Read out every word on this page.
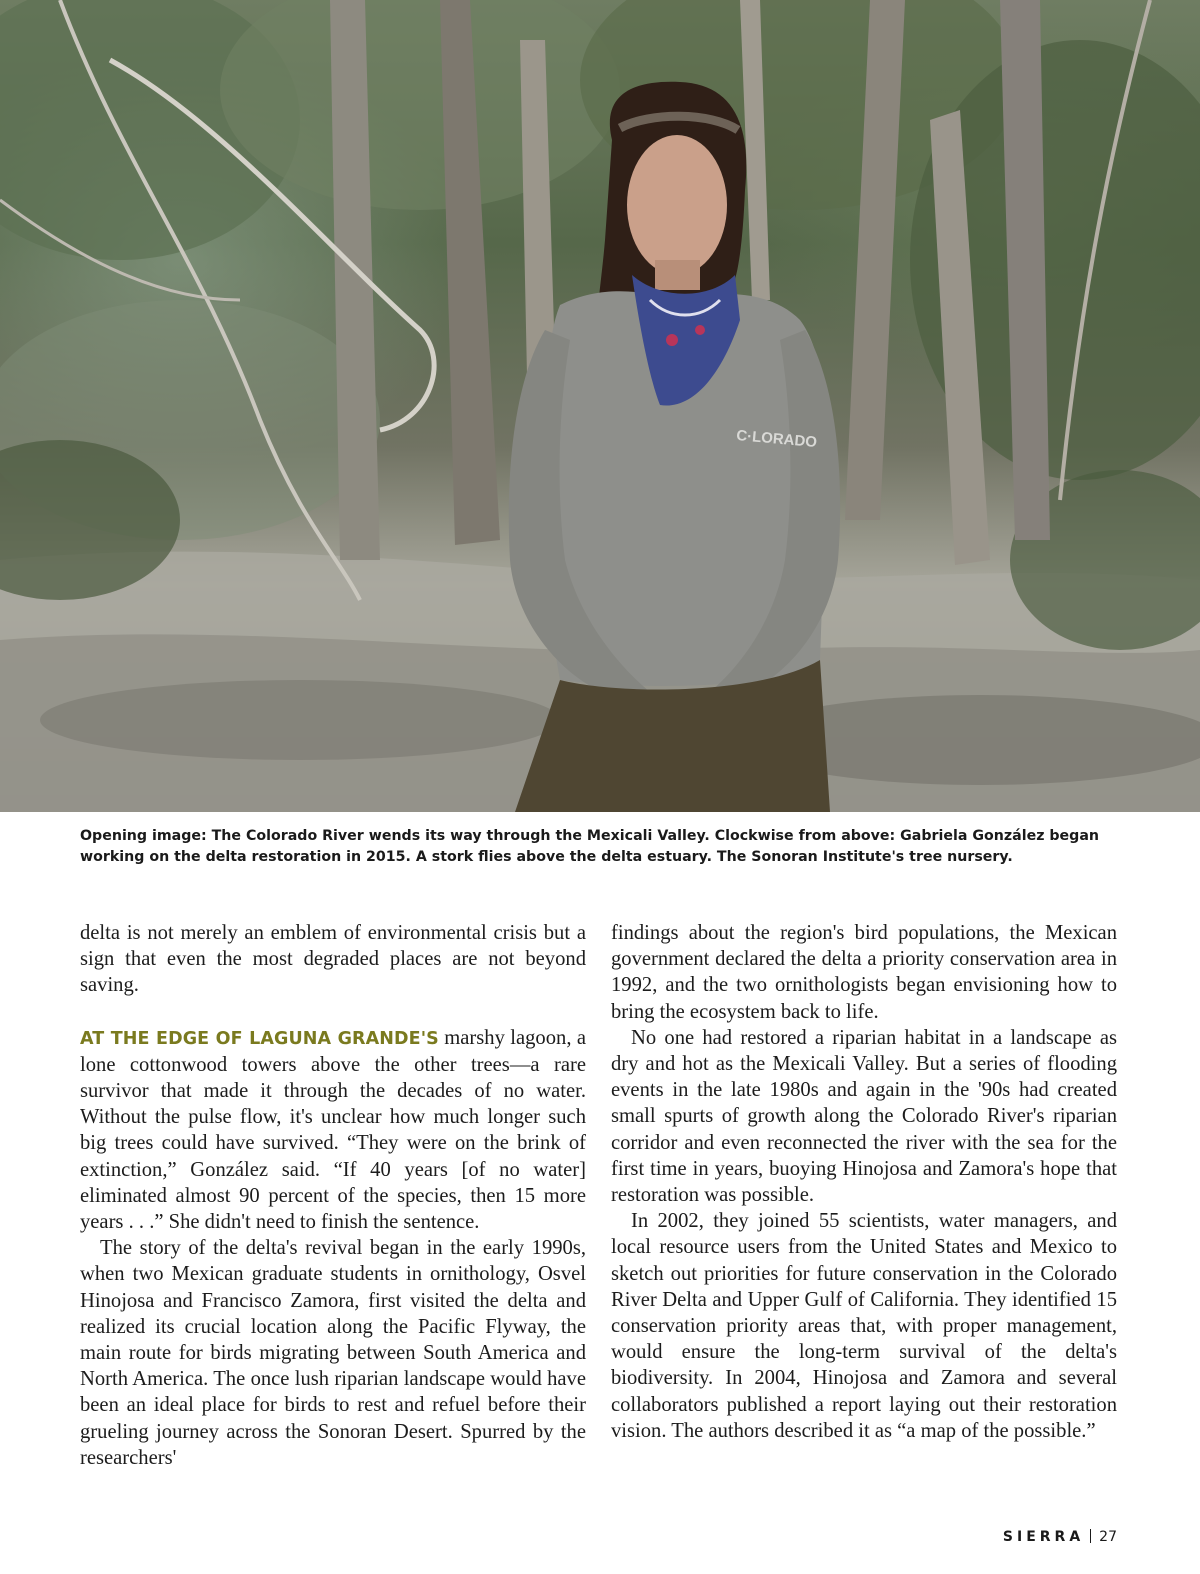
C·LORADO

Opening image: The Colorado River wends its way through the Mexicali Valley. Clockwise from above: Gabriela González began working on the delta restoration in 2015. A stork flies above the delta estuary. The Sonoran Institute's tree nursery.

delta is not merely an emblem of environmental crisis but a sign that even the most degraded places are not beyond saving.

AT THE EDGE OF LAGUNA GRANDE'S marshy lagoon, a lone cottonwood towers above the other trees—a rare survivor that made it through the decades of no water. Without the pulse flow, it's unclear how much longer such big trees could have survived. “They were on the brink of extinction,” González said. “If 40 years [of no water] eliminated almost 90 percent of the species, then 15 more years . . .” She didn't need to finish the sentence.

The story of the delta's revival began in the early 1990s, when two Mexican graduate students in ornithology, Osvel Hinojosa and Francisco Zamora, first visited the delta and realized its crucial location along the Pacific Flyway, the main route for birds migrating between South America and North America. The once lush riparian landscape would have been an ideal place for birds to rest and refuel before their grueling journey across the Sonoran Desert. Spurred by the researchers'

findings about the region's bird populations, the Mexican government declared the delta a priority conservation area in 1992, and the two ornithologists began envisioning how to bring the ecosystem back to life.

No one had restored a riparian habitat in a landscape as dry and hot as the Mexicali Valley. But a series of flooding events in the late 1980s and again in the '90s had created small spurts of growth along the Colorado River's riparian corridor and even reconnected the river with the sea for the first time in years, buoying Hinojosa and Zamora's hope that restoration was possible.

In 2002, they joined 55 scientists, water managers, and local resource users from the United States and Mexico to sketch out priorities for future conservation in the Colorado River Delta and Upper Gulf of California. They identified 15 conservation priority areas that, with proper management, would ensure the long-term survival of the delta's biodiversity. In 2004, Hinojosa and Zamora and several collaborators published a report laying out their restoration vision. The authors described it as “a map of the possible.”

SIERRA 27
